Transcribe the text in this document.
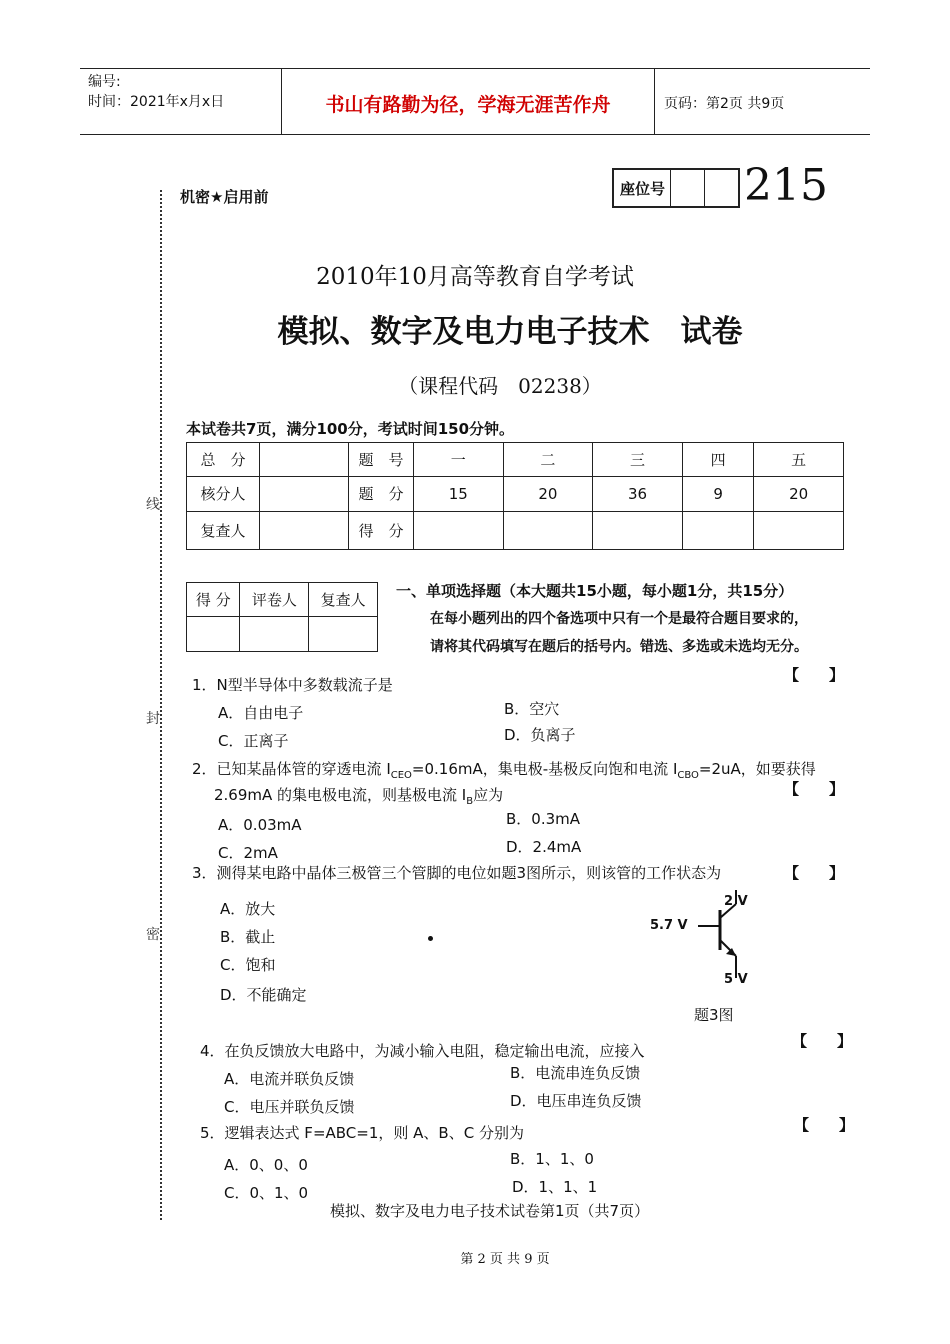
编号:
时间：2021年x月x日	书山有路勤为径，学海无涯苦作舟	页码：第2页 共9页
线
封
密
机密★启用前	座位号 215
2010年10月高等教育自学考试
模拟、数字及电力电子技术　试卷
（课程代码　02238）
本试卷共7页，满分100分，考试时间150分钟。
总　分		题　号	一	二	三	四	五
核分人		题　分	15	20	36	9	20
复查人		得　分					
得 分	评卷人	复查人
		一、单项选择题（本大题共15小题，每小题1分，共15分）
在每小题列出的四个备选项中只有一个是最符合题目要求的，
请将其代码填写在题后的括号内。错选、多选或未选均无分。
1．N型半导体中多数载流子是
【　　】
A．自由电子	B．空穴
C．正离子	D．负离子
2．已知某晶体管的穿透电流 $I_{CEO}=0.16mA$，集电极-基极反向饱和电流 $I_{CBO}=2uA$，如要获得
2.69mA 的集电极电流，则基极电流 $I_B$应为	【　　】
A．0.03mA	B．0.3mA
C．2mA	D．2.4mA
3．测得某电路中晶体三极管三个管脚的电位如题3图所示，则该管的工作状态为	【　　】
A．放大
B．截止
C．饱和
D．不能确定
5.7 V
2 V
5 V
题3图
4．在负反馈放大电路中，为减小输入电阻，稳定输出电流，应接入
【　　】
A．电流并联负反馈	B．电流串连负反馈
C．电压并联负反馈	D．电压串连负反馈
5．逻辑表达式 F=ABC=1，则 A、B、C 分别为	【　　】
A．0、0、0	B．1、1、0
C．0、1、0	D．1、1、1
模拟、数字及电力电子技术试卷第1页（共7页）
第 2 页 共 9 页
